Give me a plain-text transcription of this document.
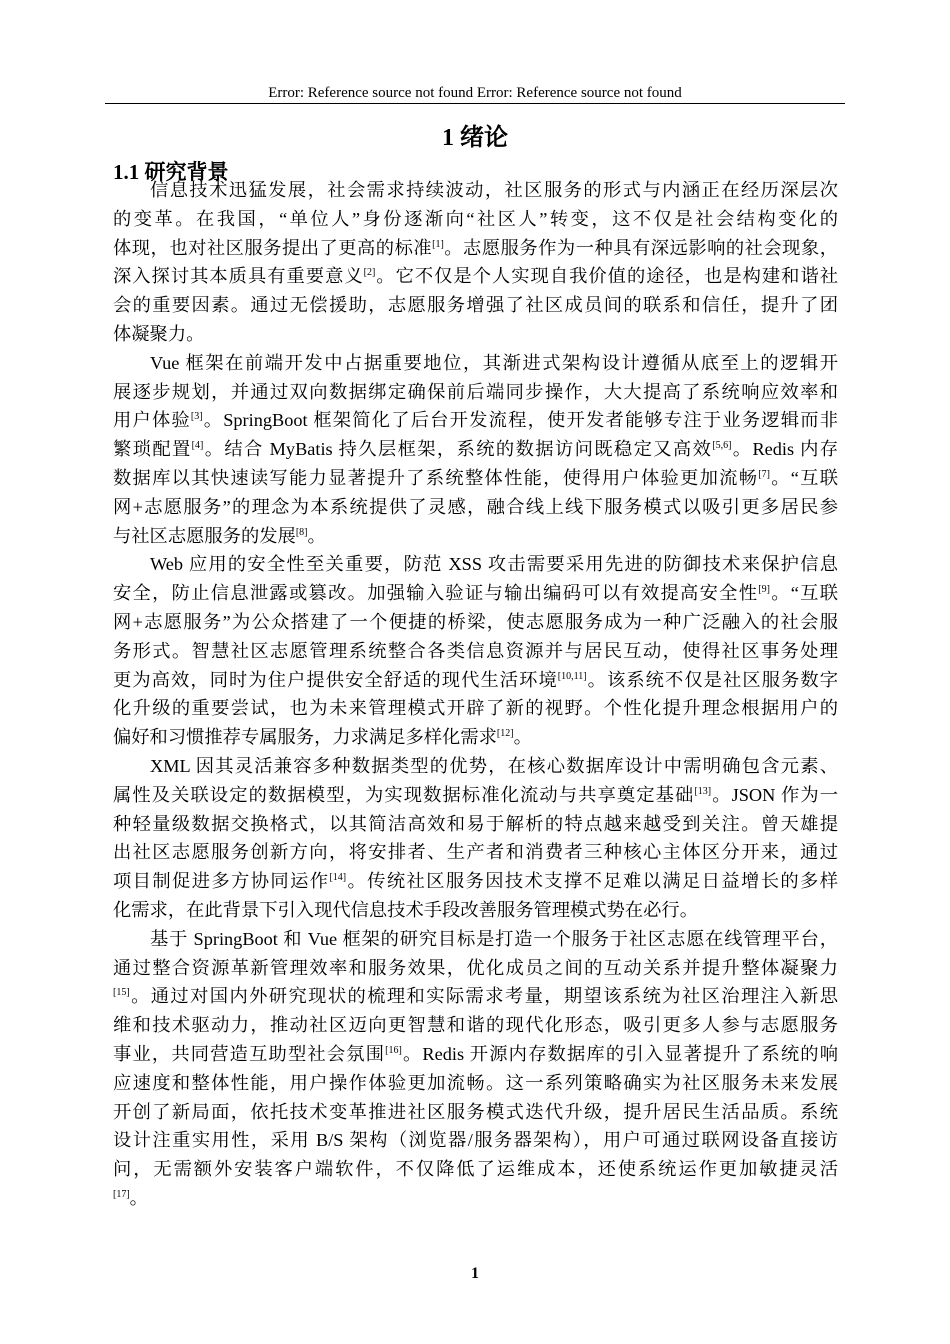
Error: Reference source not found Error: Reference source not found
1 绪论
1.1 研究背景
信息技术迅猛发展，社会需求持续波动，社区服务的形式与内涵正在经历深层次
的变革。在我国，“单位人”身份逐渐向“社区人”转变，这不仅是社会结构变化的
体现，也对社区服务提出了更高的标准[1]。志愿服务作为一种具有深远影响的社会现象，
深入探讨其本质具有重要意义[2]。它不仅是个人实现自我价值的途径，也是构建和谐社
会的重要因素。通过无偿援助，志愿服务增强了社区成员间的联系和信任，提升了团
体凝聚力。
Vue 框架在前端开发中占据重要地位，其渐进式架构设计遵循从底至上的逻辑开
展逐步规划，并通过双向数据绑定确保前后端同步操作，大大提高了系统响应效率和
用户体验[3]。SpringBoot 框架简化了后台开发流程，使开发者能够专注于业务逻辑而非
繁琐配置[4]。结合 MyBatis 持久层框架，系统的数据访问既稳定又高效[5,6]。Redis 内存
数据库以其快速读写能力显著提升了系统整体性能，使得用户体验更加流畅[7]。“互联
网+志愿服务”的理念为本系统提供了灵感，融合线上线下服务模式以吸引更多居民参
与社区志愿服务的发展[8]。
Web 应用的安全性至关重要，防范 XSS 攻击需要采用先进的防御技术来保护信息
安全，防止信息泄露或篡改。加强输入验证与输出编码可以有效提高安全性[9]。“互联
网+志愿服务”为公众搭建了一个便捷的桥梁，使志愿服务成为一种广泛融入的社会服
务形式。智慧社区志愿管理系统整合各类信息资源并与居民互动，使得社区事务处理
更为高效，同时为住户提供安全舒适的现代生活环境[10,11]。该系统不仅是社区服务数字
化升级的重要尝试，也为未来管理模式开辟了新的视野。个性化提升理念根据用户的
偏好和习惯推荐专属服务，力求满足多样化需求[12]。
XML 因其灵活兼容多种数据类型的优势，在核心数据库设计中需明确包含元素、
属性及关联设定的数据模型，为实现数据标准化流动与共享奠定基础[13]。JSON 作为一
种轻量级数据交换格式，以其简洁高效和易于解析的特点越来越受到关注。曾天雄提
出社区志愿服务创新方向，将安排者、生产者和消费者三种核心主体区分开来，通过
项目制促进多方协同运作[14]。传统社区服务因技术支撑不足难以满足日益增长的多样
化需求，在此背景下引入现代信息技术手段改善服务管理模式势在必行。
基于 SpringBoot 和 Vue 框架的研究目标是打造一个服务于社区志愿在线管理平台，
通过整合资源革新管理效率和服务效果，优化成员之间的互动关系并提升整体凝聚力
[15]。通过对国内外研究现状的梳理和实际需求考量，期望该系统为社区治理注入新思
维和技术驱动力，推动社区迈向更智慧和谐的现代化形态，吸引更多人参与志愿服务
事业，共同营造互助型社会氛围[16]。Redis 开源内存数据库的引入显著提升了系统的响
应速度和整体性能，用户操作体验更加流畅。这一系列策略确实为社区服务未来发展
开创了新局面，依托技术变革推进社区服务模式迭代升级，提升居民生活品质。系统
设计注重实用性，采用 B/S 架构（浏览器/服务器架构），用户可通过联网设备直接访
问，无需额外安装客户端软件，不仅降低了运维成本，还使系统运作更加敏捷灵活
[17]。
1
